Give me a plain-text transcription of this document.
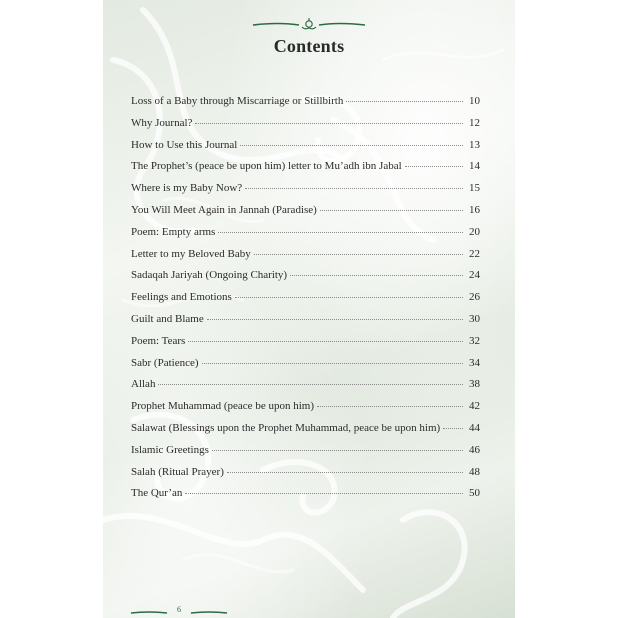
Contents
Loss of a Baby through Miscarriage or Stillbirth	10
Why Journal?	12
How to Use this Journal	13
The Prophet’s (peace be upon him) letter to Mu’adh ibn Jabal	14
Where is my Baby Now?	15
You Will Meet Again in Jannah (Paradise)	16
Poem: Empty arms	20
Letter to my Beloved Baby	22
Sadaqah Jariyah (Ongoing Charity)	24
Feelings and Emotions	26
Guilt and Blame	30
Poem: Tears	32
Sabr (Patience)	34
Allah	38
Prophet Muhammad (peace be upon him)	42
Salawat (Blessings upon the Prophet Muhammad, peace be upon him)	44
Islamic Greetings	46
Salah (Ritual Prayer)	48
The Qur’an	50
6
